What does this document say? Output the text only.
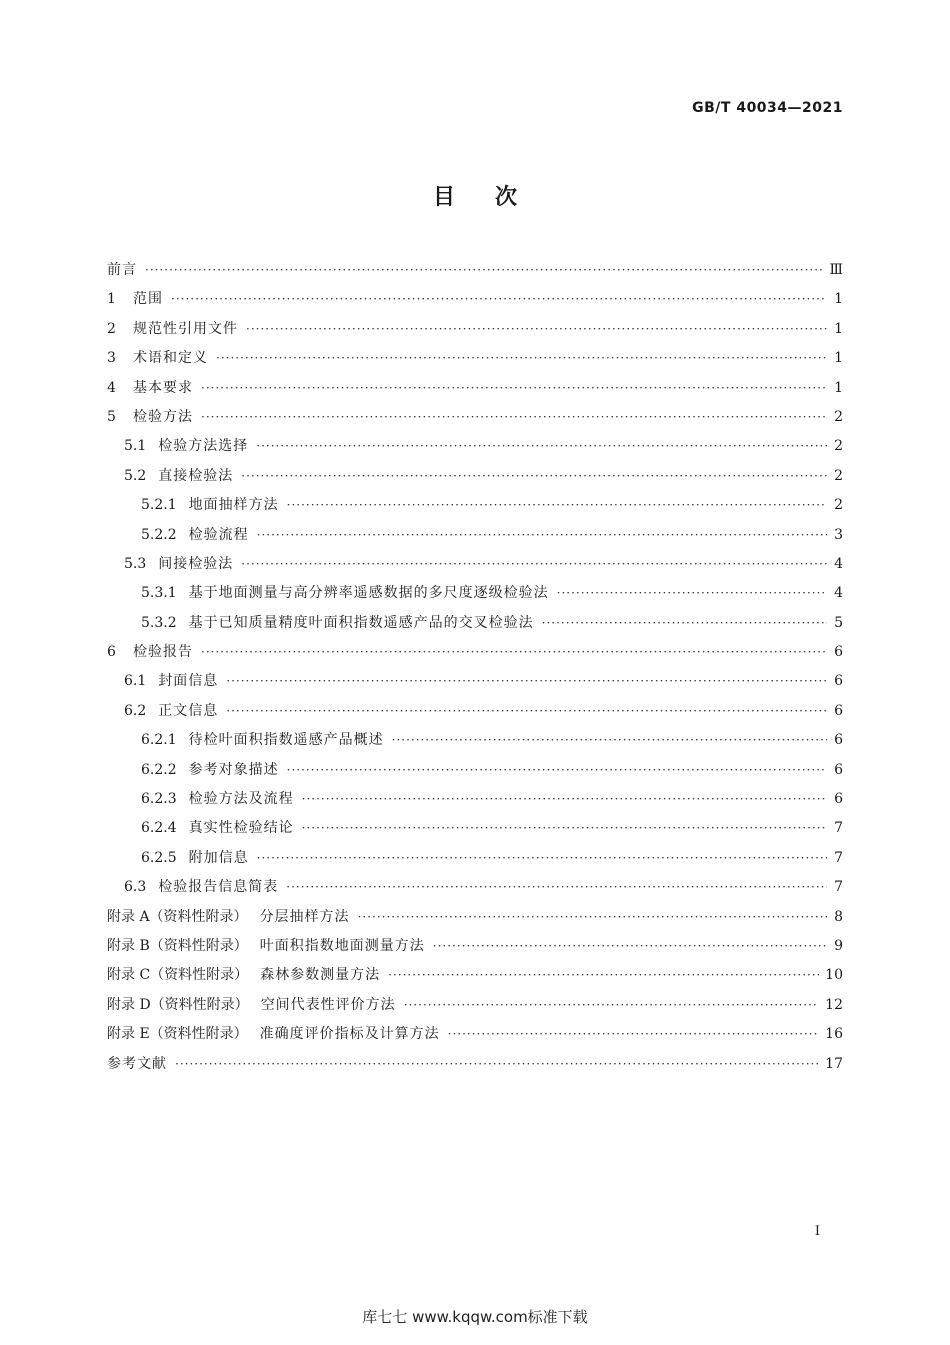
GB/T 40034—2021
目次
前言 ·····	Ⅲ
1	范围 ·····	1
2	规范性引用文件 ·····	1
3	术语和定义 ·····	1
4	基本要求 ·····	1
5	检验方法 ·····	2
5.1 检验方法选择 ·····	2
5.2 直接检验法 ·····	2
5.2.1 地面抽样方法 ·····	2
5.2.2 检验流程 ·····	3
5.3 间接检验法 ·····	4
5.3.1 基于地面测量与高分辨率遥感数据的多尺度逐级检验法 ·····	4
5.3.2 基于已知质量精度叶面积指数遥感产品的交叉检验法 ·····	5
6	检验报告 ·····	6
6.1 封面信息 ·····	6
6.2 正文信息 ·····	6
6.2.1 待检叶面积指数遥感产品概述 ·····	6
6.2.2 参考对象描述 ·····	6
6.2.3 检验方法及流程 ·····	6
6.2.4 真实性检验结论 ·····	7
6.2.5 附加信息 ·····	7
6.3 检验报告信息简表 ·····	7
附录 A（资料性附录） 分层抽样方法 ·····	8
附录 B（资料性附录） 叶面积指数地面测量方法 ·····	9
附录 C（资料性附录） 森林参数测量方法 ·····	10
附录 D（资料性附录） 空间代表性评价方法 ·····	12
附录 E（资料性附录） 准确度评价指标及计算方法 ·····	16
参考文献 ·····	17
I
库七七 www.kqqw.com标准下载
